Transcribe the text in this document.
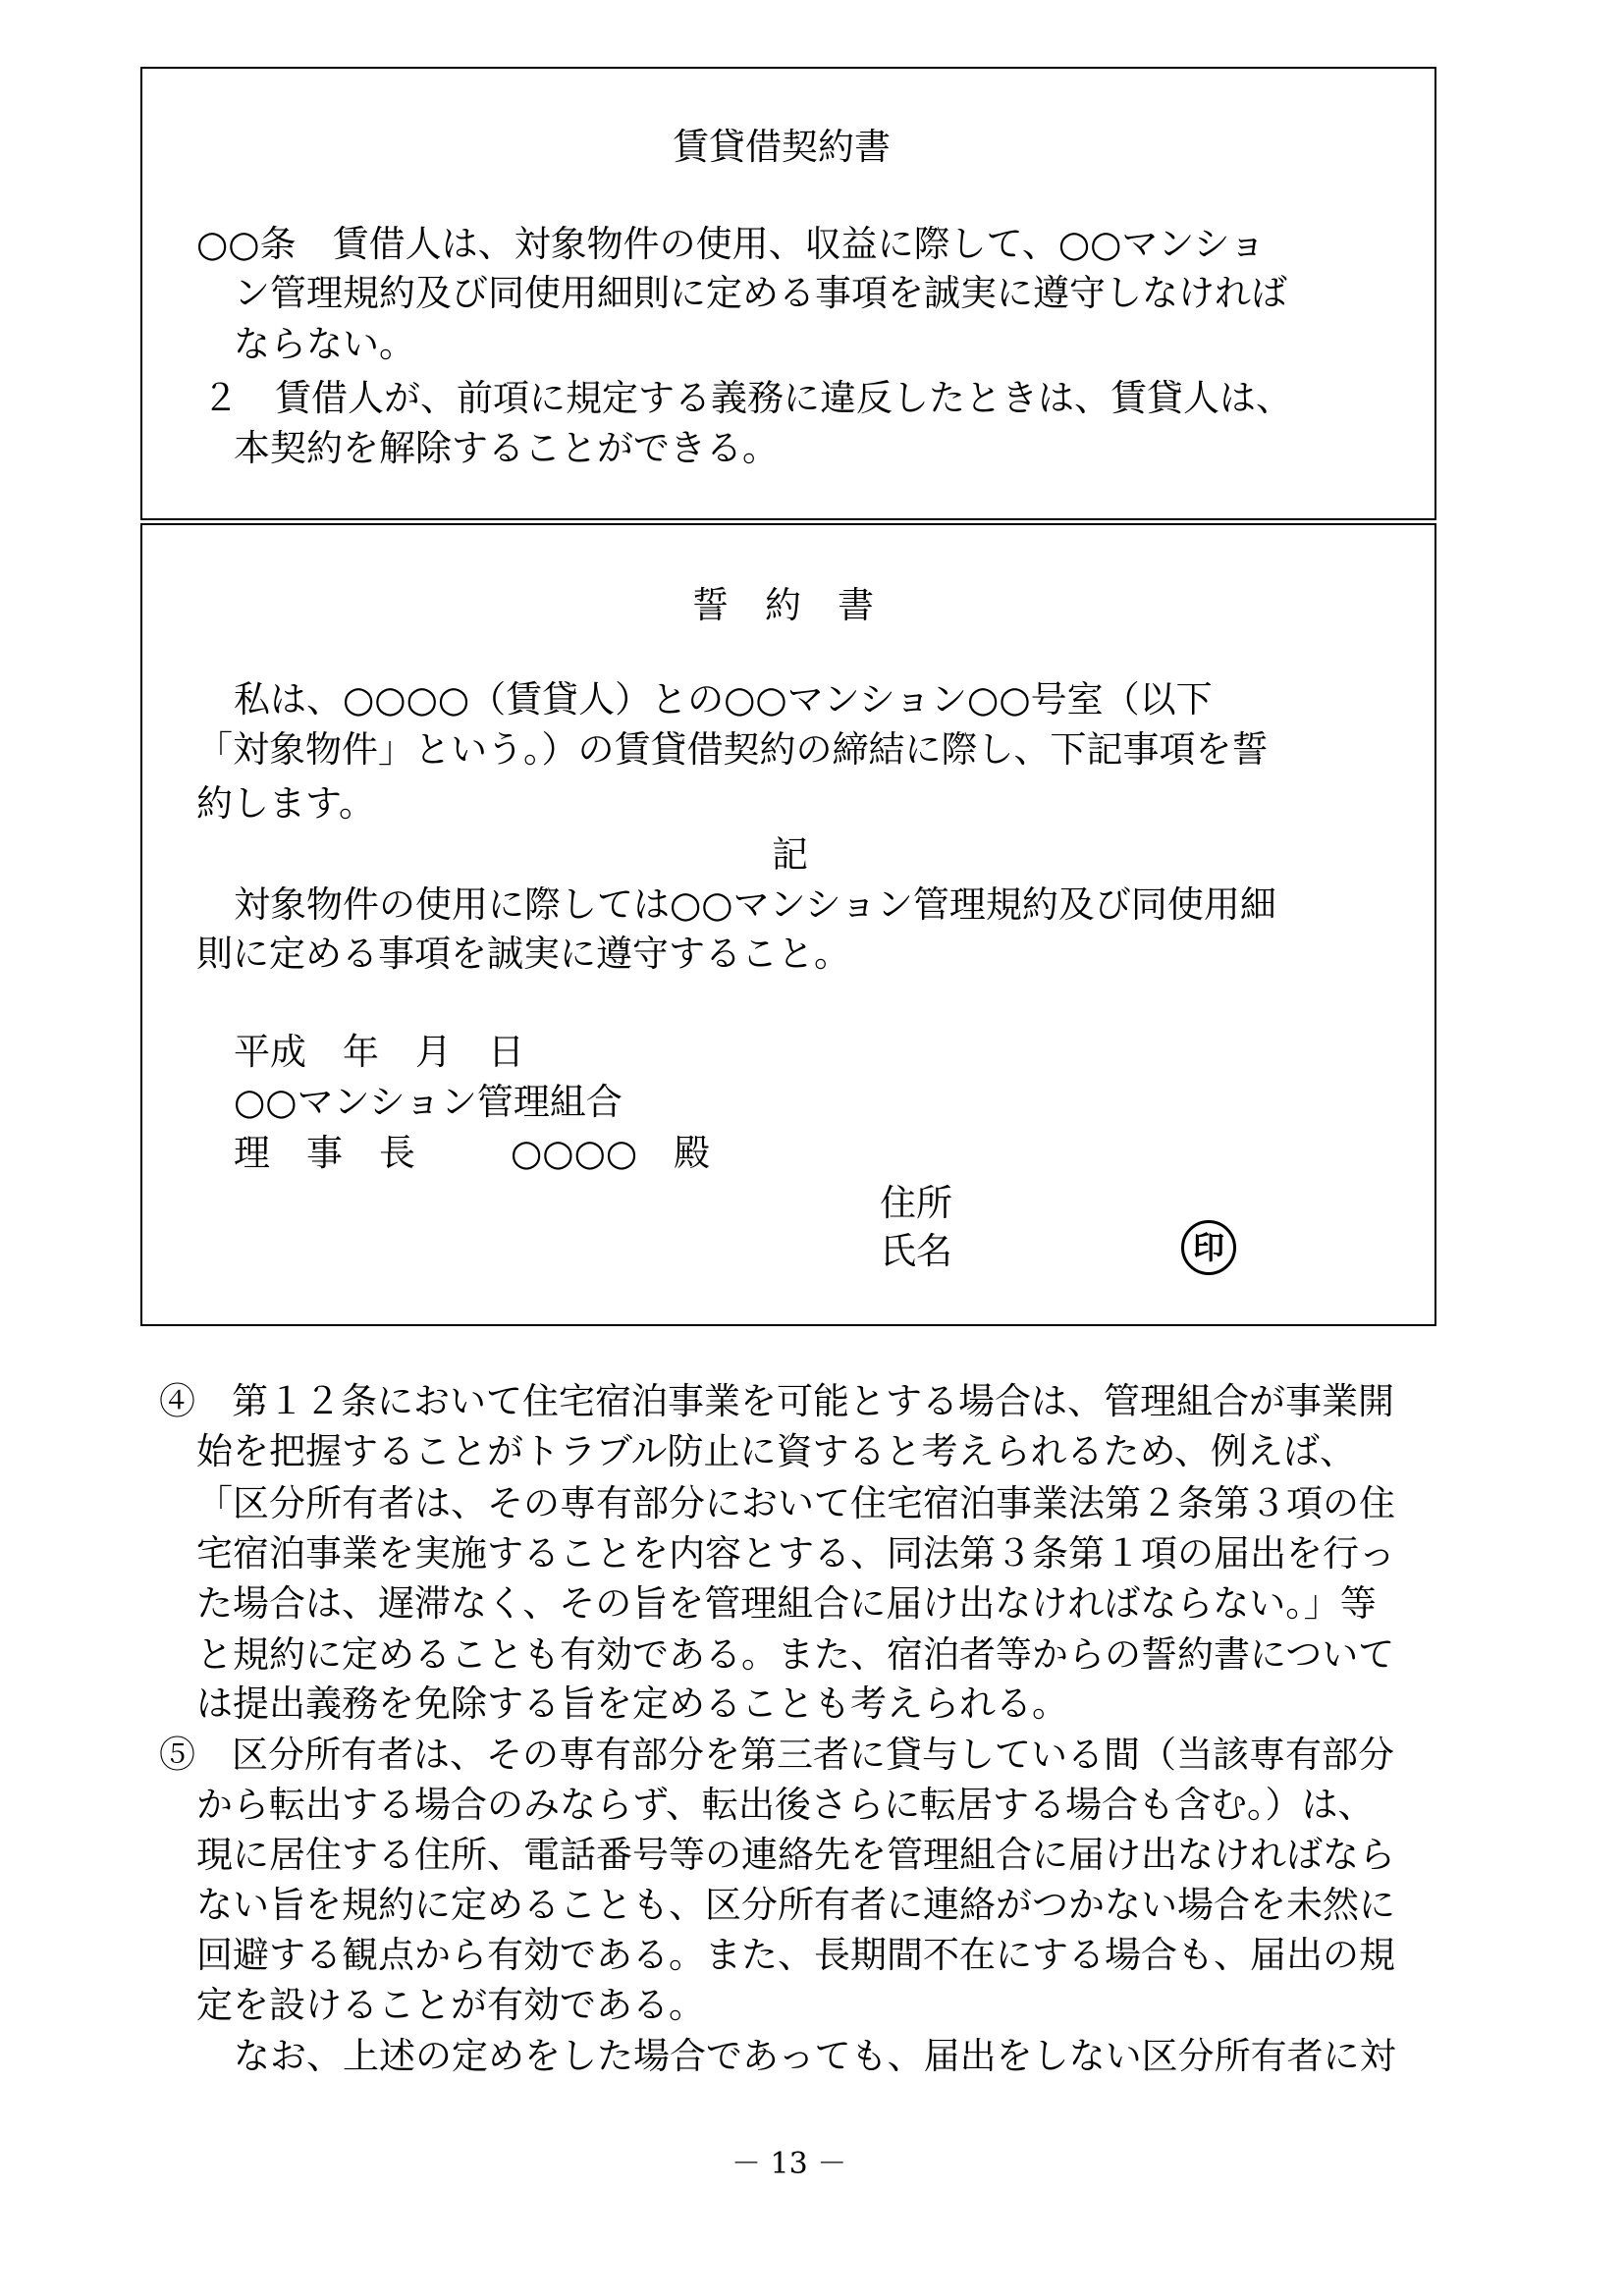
賃貸借契約書
○○条　賃借人は、対象物件の使用、収益に際して、○○マンショ
ン管理規約及び同使用細則に定める事項を誠実に遵守しなければ
ならない。
２　賃借人が、前項に規定する義務に違反したときは、賃貸人は、
本契約を解除することができる。
誓　約　書
私は、○○○○（賃貸人）との○○マンション○○号室（以下
「対象物件」という。）の賃貸借契約の締結に際し、下記事項を誓
約します。
記
対象物件の使用に際しては○○マンション管理規約及び同使用細
則に定める事項を誠実に遵守すること。
平成　年　月　日
○○マンション管理組合
理　事　長	○○○○　殿
住所
氏名	印
④　第１２条において住宅宿泊事業を可能とする場合は、管理組合が事業開
始を把握することがトラブル防止に資すると考えられるため、例えば、
「区分所有者は、その専有部分において住宅宿泊事業法第２条第３項の住
宅宿泊事業を実施することを内容とする、同法第３条第１項の届出を行っ
た場合は、遅滞なく、その旨を管理組合に届け出なければならない。」等
と規約に定めることも有効である。また、宿泊者等からの誓約書について
は提出義務を免除する旨を定めることも考えられる。
⑤　区分所有者は、その専有部分を第三者に貸与している間（当該専有部分
から転出する場合のみならず、転出後さらに転居する場合も含む。）は、
現に居住する住所、電話番号等の連絡先を管理組合に届け出なければなら
ない旨を規約に定めることも、区分所有者に連絡がつかない場合を未然に
回避する観点から有効である。また、長期間不在にする場合も、届出の規
定を設けることが有効である。
なお、上述の定めをした場合であっても、届出をしない区分所有者に対
－ 13 －
